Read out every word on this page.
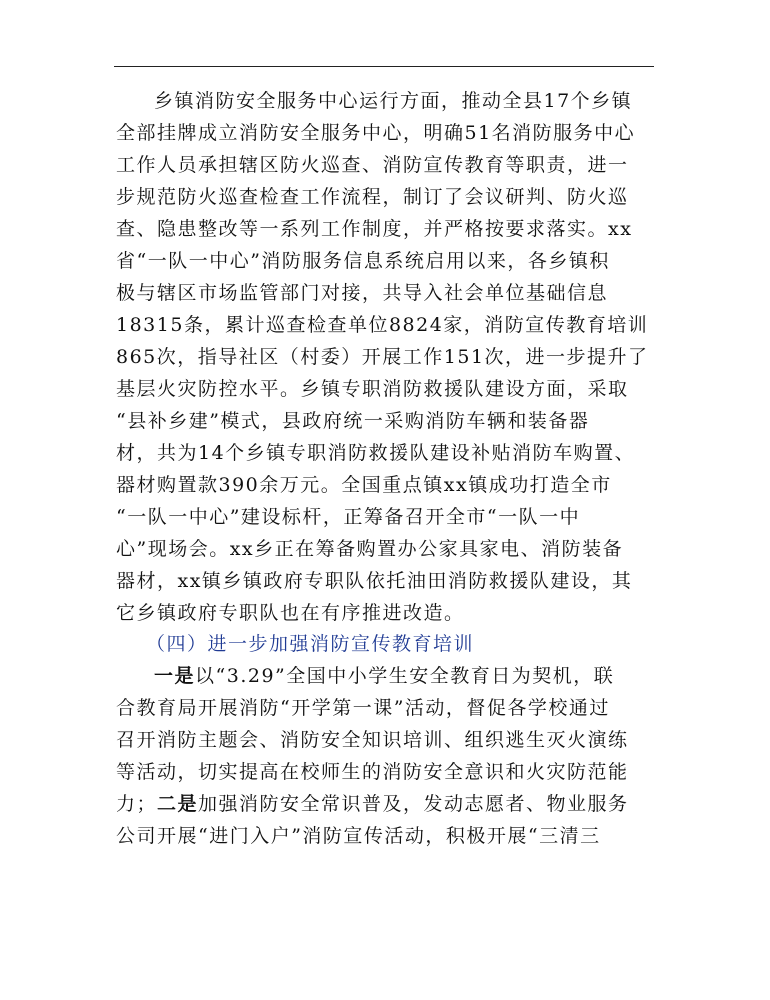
乡镇消防安全服务中心运行方面，推动全县17个乡镇
全部挂牌成立消防安全服务中心，明确51名消防服务中心
工作人员承担辖区防火巡查、消防宣传教育等职责，进一
步规范防火巡查检查工作流程，制订了会议研判、防火巡
查、隐患整改等一系列工作制度，并严格按要求落实。xx
省“一队一中心”消防服务信息系统启用以来，各乡镇积
极与辖区市场监管部门对接，共导入社会单位基础信息
18315条，累计巡查检查单位8824家，消防宣传教育培训
865次，指导社区（村委）开展工作151次，进一步提升了
基层火灾防控水平。乡镇专职消防救援队建设方面，采取
“县补乡建”模式，县政府统一采购消防车辆和装备器
材，共为14个乡镇专职消防救援队建设补贴消防车购置、
器材购置款390余万元。全国重点镇xx镇成功打造全市
“一队一中心”建设标杆，正筹备召开全市“一队一中
心”现场会。xx乡正在筹备购置办公家具家电、消防装备
器材，xx镇乡镇政府专职队依托油田消防救援队建设，其
它乡镇政府专职队也在有序推进改造。
（四）进一步加强消防宣传教育培训
一是以“3.29”全国中小学生安全教育日为契机，联
合教育局开展消防“开学第一课”活动，督促各学校通过
召开消防主题会、消防安全知识培训、组织逃生灭火演练
等活动，切实提高在校师生的消防安全意识和火灾防范能
力；二是加强消防安全常识普及，发动志愿者、物业服务
公司开展“进门入户”消防宣传活动，积极开展“三清三
